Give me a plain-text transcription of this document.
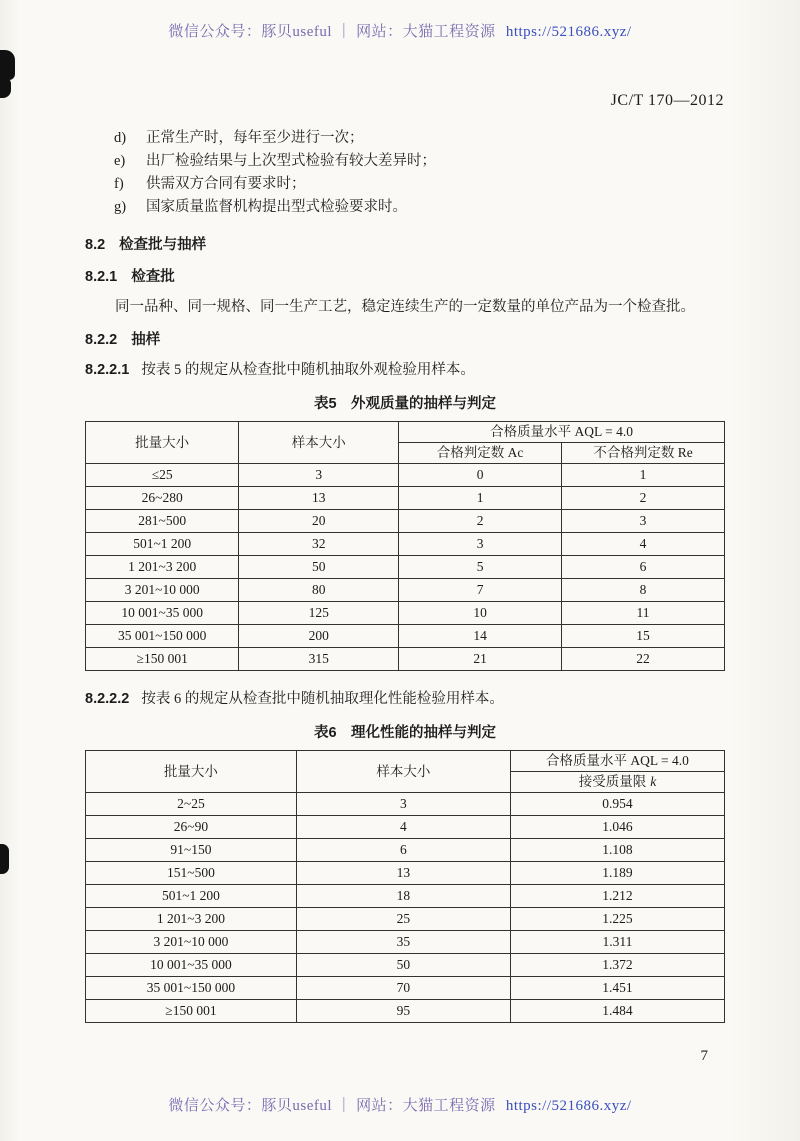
微信公众号：豚贝useful ｜ 网站：大猫工程资源 https://521686.xyz/
JC/T 170—2012
d)	正常生产时，每年至少进行一次；
e)	出厂检验结果与上次型式检验有较大差异时；
f)	供需双方合同有要求时；
g)	国家质量监督机构提出型式检验要求时。
8.2 检查批与抽样
8.2.1 检查批
同一品种、同一规格、同一生产工艺，稳定连续生产的一定数量的单位产品为一个检查批。
8.2.2 抽样
8.2.2.1 按表 5 的规定从检查批中随机抽取外观检验用样本。
表5　外观质量的抽样与判定
批量大小	样本大小	合格质量水平 AQL = 4.0	
		合格判定数 Ac	不合格判定数 Re
≤25	3	0	1
26~280	13	1	2
281~500	20	2	3
501~1 200	32	3	4
1 201~3 200	50	5	6
3 201~10 000	80	7	8
10 001~35 000	125	10	11
35 001~150 000	200	14	15
≥150 001	315	21	22
8.2.2.2 按表 6 的规定从检查批中随机抽取理化性能检验用样本。
表6　理化性能的抽样与判定
批量大小	样本大小	合格质量水平 AQL = 4.0
		接受质量限 k
2~25	3	0.954
26~90	4	1.046
91~150	6	1.108
151~500	13	1.189
501~1 200	18	1.212
1 201~3 200	25	1.225
3 201~10 000	35	1.311
10 001~35 000	50	1.372
35 001~150 000	70	1.451
≥150 001	95	1.484
7
微信公众号：豚贝useful ｜ 网站：大猫工程资源 https://521686.xyz/
